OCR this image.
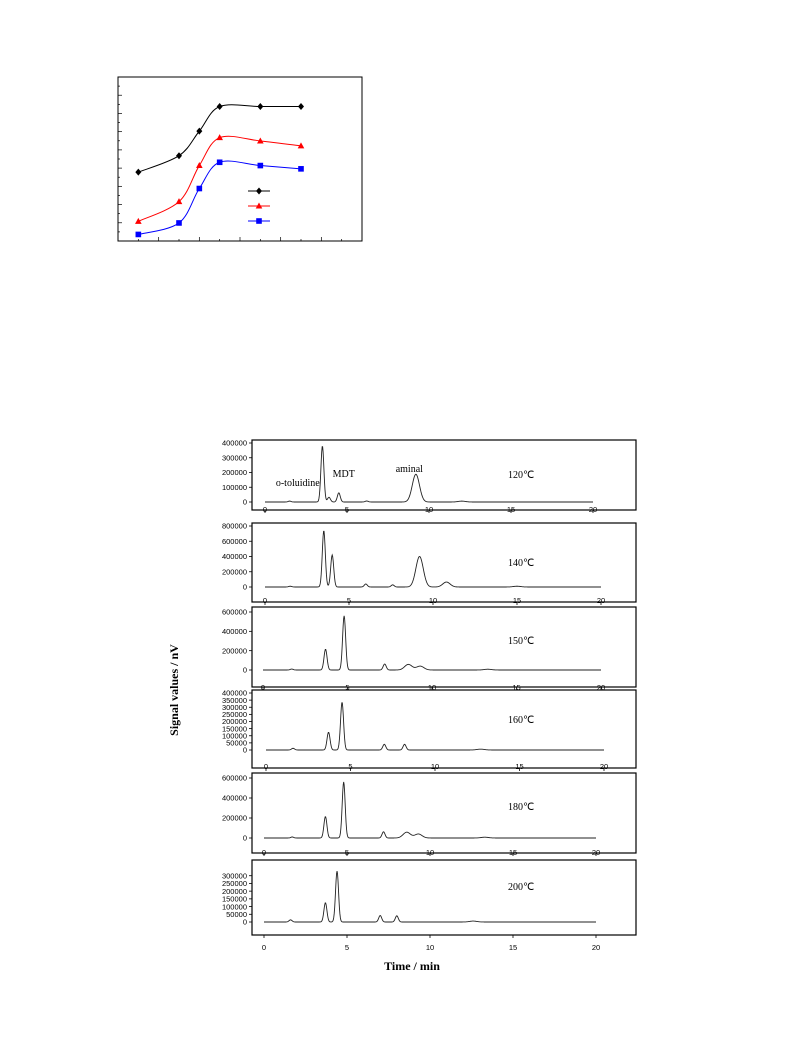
0	5	10	15	20
0
100000
200000
300000
400000
120℃
o-toluidine
MDT	aminal
0	5	10	15	20
0
200000
400000
600000
800000
140℃
0	5	10	15	20
0
200000
400000
600000
150℃
0	5	10	15	20
0
50000
100000
150000
200000
250000
300000
350000
400000
160℃
0	5	10	15	20
0
200000
400000
600000
180℃
0	5	10	15	20
0
50000
100000
150000
200000
250000
300000
200℃
Signal values / nV
Time / min
